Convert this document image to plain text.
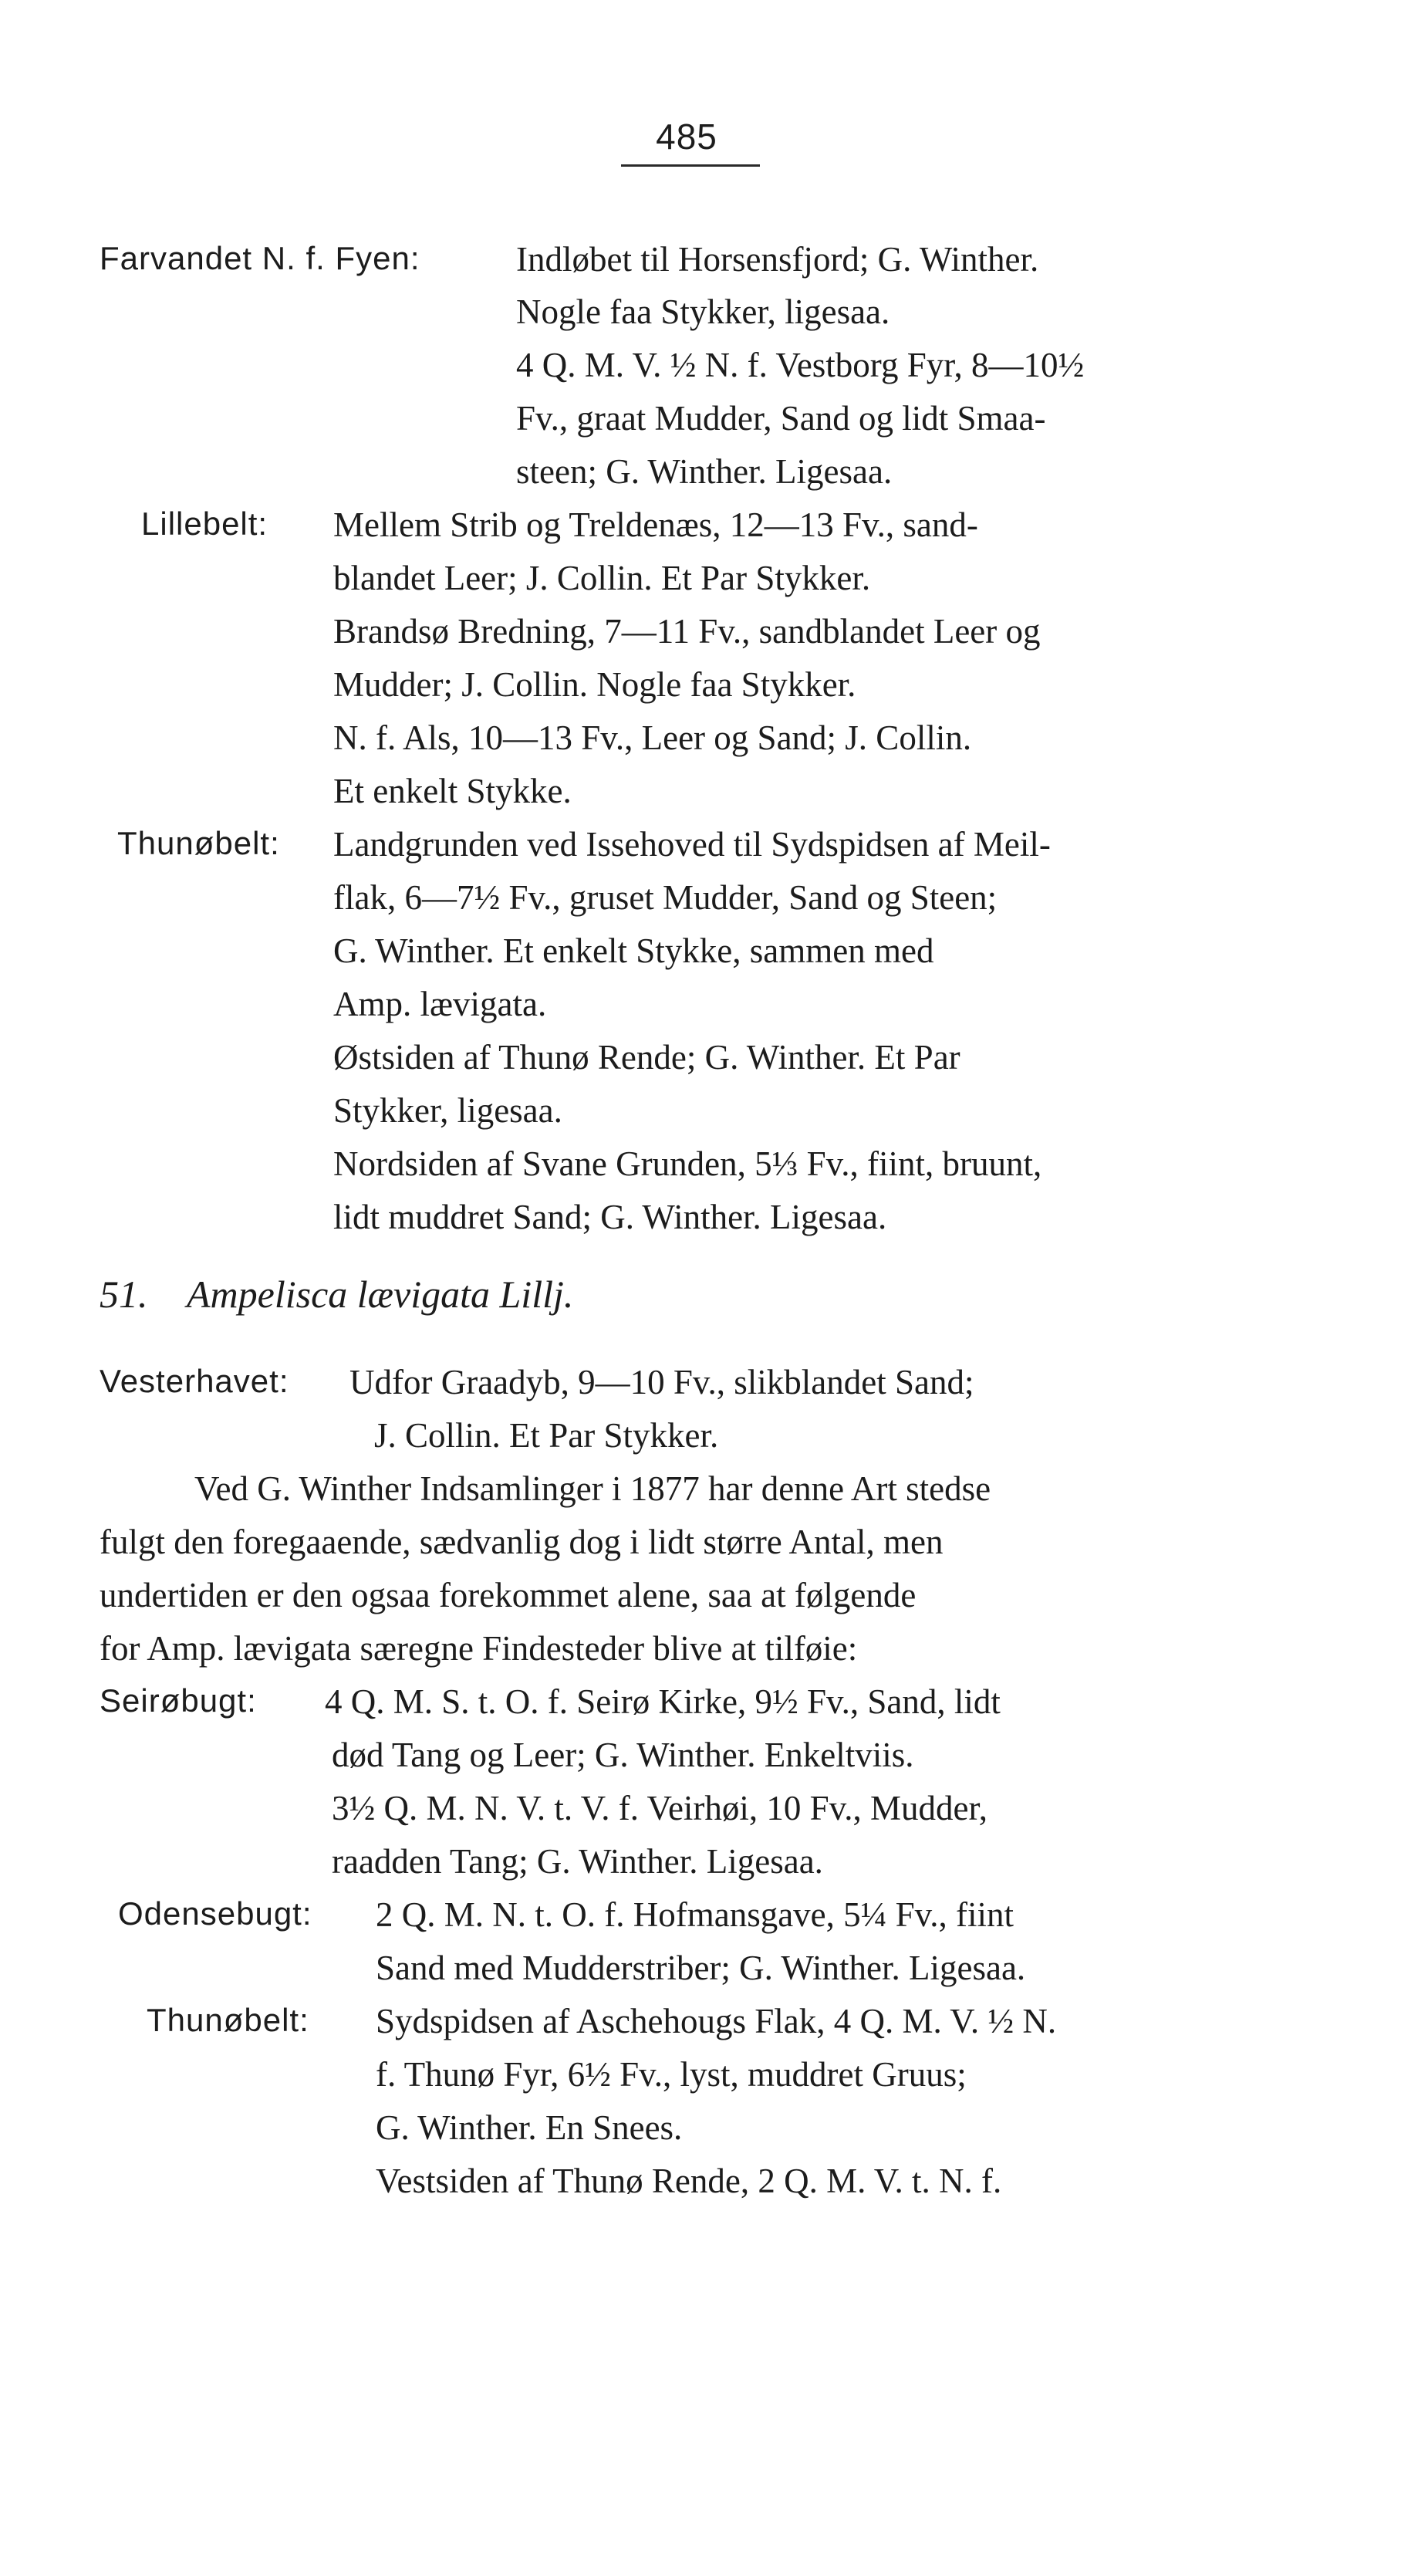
485
Farvandet N. f. Fyen:	Indløbet til Horsensfjord; G. Winther.
Nogle faa Stykker, ligesaa.
4 Q. M. V. ½ N. f. Vestborg Fyr, 8—10½
Fv., graat Mudder, Sand og lidt Smaa-
steen; G. Winther. Ligesaa.
Lillebelt: Mellem Strib og Treldenæs, 12—13 Fv., sand-
blandet Leer; J. Collin. Et Par Stykker.
Brandsø Bredning, 7—11 Fv., sandblandet Leer og
Mudder; J. Collin. Nogle faa Stykker.
N. f. Als, 10—13 Fv., Leer og Sand; J. Collin.
Et enkelt Stykke.
Thunøbelt: Landgrunden ved Issehoved til Sydspidsen af Meil-
flak, 6—7½ Fv., gruset Mudder, Sand og Steen;
G. Winther. Et enkelt Stykke, sammen med
Amp. lævigata.
Østsiden af Thunø Rende; G. Winther. Et Par
Stykker, ligesaa.
Nordsiden af Svane Grunden, 5⅓ Fv., fiint, bruunt,
lidt muddret Sand; G. Winther. Ligesaa.
51. Ampelisca lævigata Lillj.
Vesterhavet: Udfor Graadyb, 9—10 Fv., slikblandet Sand;
J. Collin. Et Par Stykker.
Ved G. Winther Indsamlinger i 1877 har denne Art stedse
fulgt den foregaaende, sædvanlig dog i lidt større Antal, men
undertiden er den ogsaa forekommet alene, saa at følgende
for Amp. lævigata særegne Findesteder blive at tilføie:
Seirøbugt: 4 Q. M. S. t. O. f. Seirø Kirke, 9½ Fv., Sand, lidt
død Tang og Leer; G. Winther. Enkeltviis.
3½ Q. M. N. V. t. V. f. Veirhøi, 10 Fv., Mudder,
raadden Tang; G. Winther. Ligesaa.
Odensebugt: 2 Q. M. N. t. O. f. Hofmansgave, 5¼ Fv., fiint
Sand med Mudderstriber; G. Winther. Ligesaa.
Thunøbelt: Sydspidsen af Aschehougs Flak, 4 Q. M. V. ½ N.
f. Thunø Fyr, 6½ Fv., lyst, muddret Gruus;
G. Winther. En Snees.
Vestsiden af Thunø Rende, 2 Q. M. V. t. N. f.
